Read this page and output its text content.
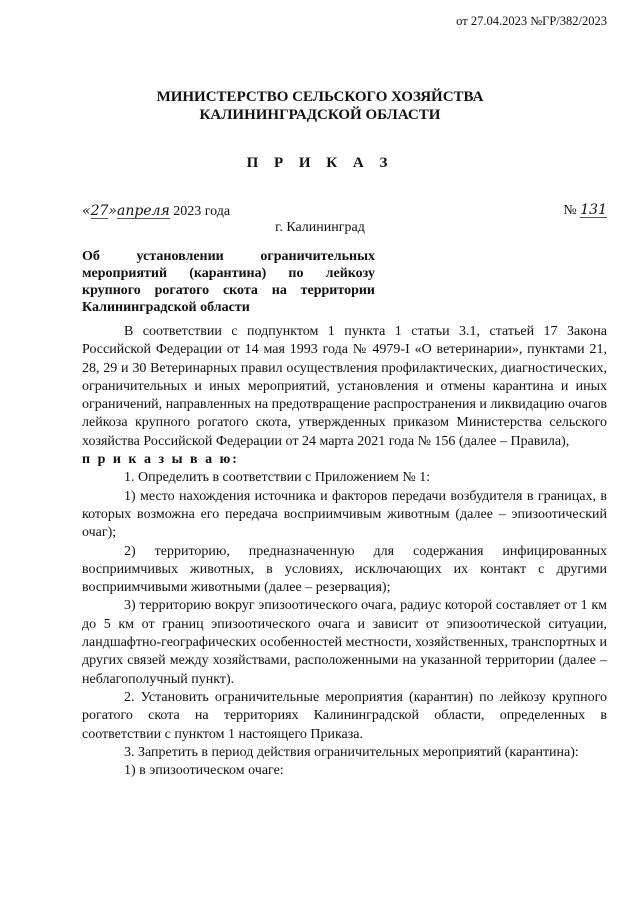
от 27.04.2023 №ГР/382/2023
МИНИСТЕРСТВО СЕЛЬСКОГО ХОЗЯЙСТВА
КАЛИНИНГРАДСКОЙ ОБЛАСТИ
П Р И К А З
«27»апреля 2023 года	№ 131
г. Калининград
Об установлении ограничительных мероприятий (карантина) по лейкозу крупного рогатого скота на территории Калининградской области

В соответствии с подпунктом 1 пункта 1 статьи 3.1, статьей 17 Закона Российской Федерации от 14 мая 1993 года № 4979-I «О ветеринарии», пунктами 21, 28, 29 и 30 Ветеринарных правил осуществления профилактических, диагностических, ограничительных и иных мероприятий, установления и отмены карантина и иных ограничений, направленных на предотвращение распространения и ликвидацию очагов лейкоза крупного рогатого скота, утвержденных приказом Министерства сельского хозяйства Российской Федерации от 24 марта 2021 года № 156 (далее – Правила),

п р и к а з ы в а ю:

1. Определить в соответствии с Приложением № 1:

1) место нахождения источника и факторов передачи возбудителя в границах, в которых возможна его передача восприимчивым животным (далее – эпизоотический очаг);

2) территорию, предназначенную для содержания инфицированных восприимчивых животных, в условиях, исключающих их контакт с другими восприимчивыми животными (далее – резервация);

3) территорию вокруг эпизоотического очага, радиус которой составляет от 1 км до 5 км от границ эпизоотического очага и зависит от эпизоотической ситуации, ландшафтно-географических особенностей местности, хозяйственных, транспортных и других связей между хозяйствами, расположенными на указанной территории (далее – неблагополучный пункт).

2. Установить ограничительные мероприятия (карантин) по лейкозу крупного рогатого скота на территориях Калининградской области, определенных в соответствии с пунктом 1 настоящего Приказа.

3. Запретить в период действия ограничительных мероприятий (карантина):

1) в эпизоотическом очаге:
